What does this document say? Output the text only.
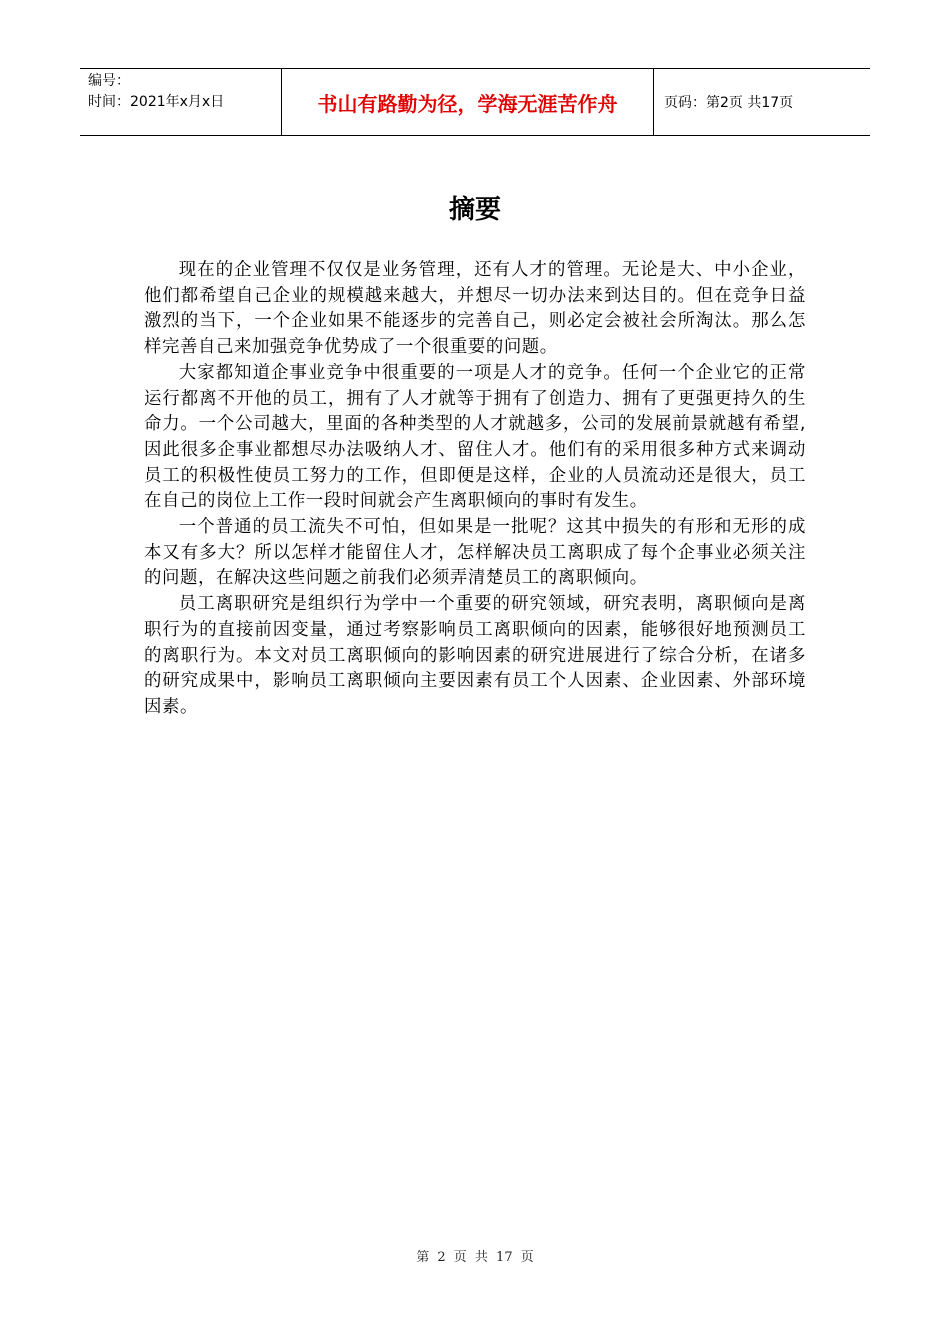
编号：
时间：2021年x月x日	书山有路勤为径，学海无涯苦作舟	页码：第2页 共17页
摘要

现在的企业管理不仅仅是业务管理，还有人才的管理。无论是大、中小企业，他们都希望自己企业的规模越来越大，并想尽一切办法来到达目的。但在竞争日益激烈的当下，一个企业如果不能逐步的完善自己，则必定会被社会所淘汰。那么怎样完善自己来加强竞争优势成了一个很重要的问题。

大家都知道企事业竞争中很重要的一项是人才的竞争。任何一个企业它的正常运行都离不开他的员工，拥有了人才就等于拥有了创造力、拥有了更强更持久的生命力。一个公司越大，里面的各种类型的人才就越多，公司的发展前景就越有希望,因此很多企事业都想尽办法吸纳人才、留住人才。他们有的采用很多种方式来调动员工的积极性使员工努力的工作，但即便是这样，企业的人员流动还是很大，员工在自己的岗位上工作一段时间就会产生离职倾向的事时有发生。

一个普通的员工流失不可怕，但如果是一批呢？这其中损失的有形和无形的成本又有多大？所以怎样才能留住人才，怎样解决员工离职成了每个企事业必须关注的问题，在解决这些问题之前我们必须弄清楚员工的离职倾向。

员工离职研究是组织行为学中一个重要的研究领域，研究表明，离职倾向是离职行为的直接前因变量，通过考察影响员工离职倾向的因素，能够很好地预测员工的离职行为。本文对员工离职倾向的影响因素的研究进展进行了综合分析，在诸多的研究成果中，影响员工离职倾向主要因素有员工个人因素、企业因素、外部环境因素。

第 2 页 共 17 页
